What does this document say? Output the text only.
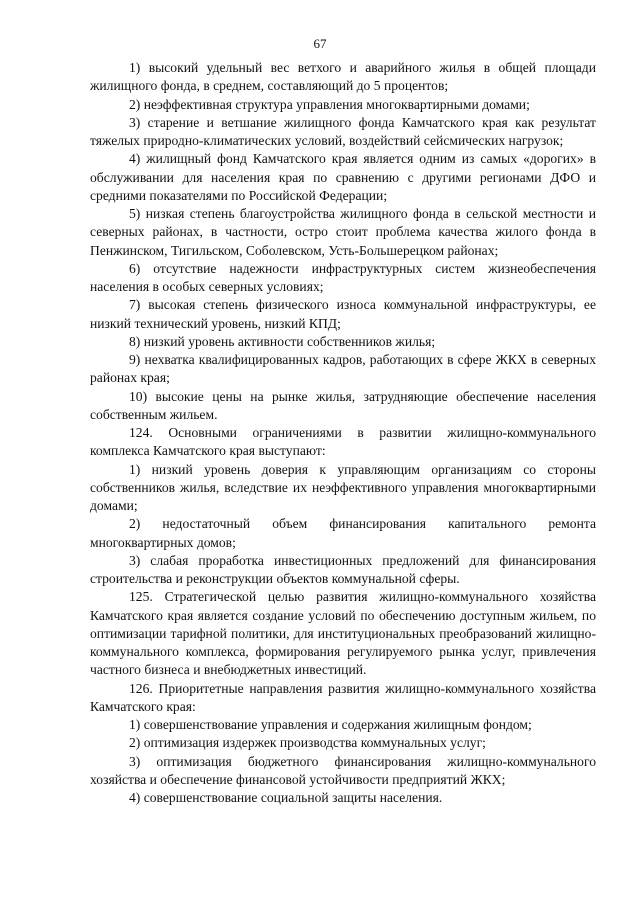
67

1) высокий удельный вес ветхого и аварийного жилья в общей площади жилищного фонда, в среднем, составляющий до 5 процентов;

2) неэффективная структура управления многоквартирными домами;

3) старение и ветшание жилищного фонда Камчатского края как результат тяжелых природно-климатических условий, воздействий сейсмических нагрузок;

4) жилищный фонд Камчатского края является одним из самых «дорогих» в обслуживании для населения края по сравнению с другими регионами ДФО и средними показателями по Российской Федерации;

5) низкая степень благоустройства жилищного фонда в сельской местности и северных районах, в частности, остро стоит проблема качества жилого фонда в Пенжинском, Тигильском, Соболевском, Усть-Большерецком районах;

6) отсутствие надежности инфраструктурных систем жизнеобеспечения населения в особых северных условиях;

7) высокая степень физического износа коммунальной инфраструктуры, ее низкий технический уровень, низкий КПД;

8) низкий уровень активности собственников жилья;

9) нехватка квалифицированных кадров, работающих в сфере ЖКХ в северных районах края;

10) высокие цены на рынке жилья, затрудняющие обеспечение населения собственным жильем.

124. Основными ограничениями в развитии жилищно-коммунального комплекса Камчатского края выступают:

1) низкий уровень доверия к управляющим организациям со стороны собственников жилья, вследствие их неэффективного управления многоквартирными домами;

2) недостаточный объем финансирования капитального ремонта многоквартирных домов;

3) слабая проработка инвестиционных предложений для финансирования строительства и реконструкции объектов коммунальной сферы.

125. Стратегической целью развития жилищно-коммунального хозяйства Камчатского края является создание условий по обеспечению доступным жильем, по оптимизации тарифной политики, для институциональных преобразований жилищно-коммунального комплекса, формирования регулируемого рынка услуг, привлечения частного бизнеса и внебюджетных инвестиций.

126. Приоритетные направления развития жилищно-коммунального хозяйства Камчатского края:

1) совершенствование управления и содержания жилищным фондом;

2) оптимизация издержек производства коммунальных услуг;

3) оптимизация бюджетного финансирования жилищно-коммунального хозяйства и обеспечение финансовой устойчивости предприятий ЖКХ;

4) совершенствование социальной защиты населения.
